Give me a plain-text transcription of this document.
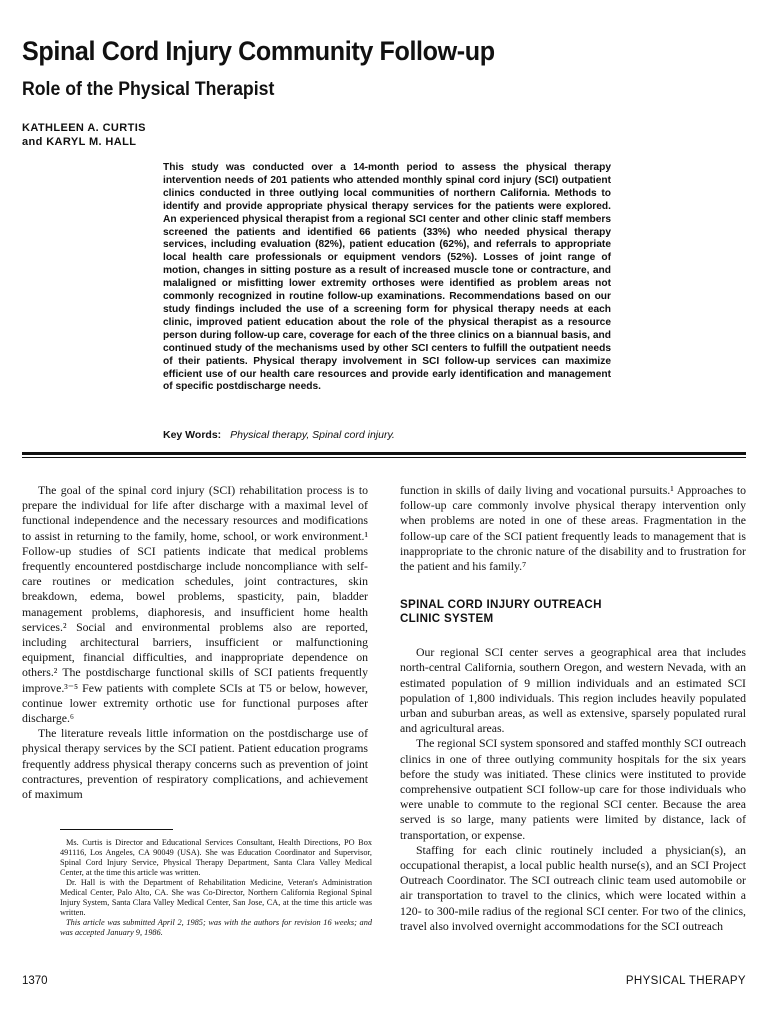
Spinal Cord Injury Community Follow-up
Role of the Physical Therapist
KATHLEEN A. CURTIS
and KARYL M. HALL

This study was conducted over a 14-month period to assess the physical therapy intervention needs of 201 patients who attended monthly spinal cord injury (SCI) outpatient clinics conducted in three outlying local communities of northern California. Methods to identify and provide appropriate physical therapy services for the patients were explored. An experienced physical therapist from a regional SCI center and other clinic staff members screened the patients and identified 66 patients (33%) who needed physical therapy services, including evaluation (82%), patient education (62%), and referrals to appropriate local health care professionals or equipment vendors (52%). Losses of joint range of motion, changes in sitting posture as a result of increased muscle tone or contracture, and malaligned or misfitting lower extremity orthoses were identified as problem areas not commonly recognized in routine follow-up examinations. Recommendations based on our study findings included the use of a screening form for physical therapy needs at each clinic, improved patient education about the role of the physical therapist as a resource person during follow-up care, coverage for each of the three clinics on a biannual basis, and continued study of the mechanisms used by other SCI centers to fulfill the outpatient needs of their patients. Physical therapy involvement in SCI follow-up services can maximize efficient use of our health care resources and provide early identification and management of specific postdischarge needs.

Key Words: Physical therapy, Spinal cord injury.

The goal of the spinal cord injury (SCI) rehabilitation process is to prepare the individual for life after discharge with a maximal level of functional independence and the necessary resources and modifications to assist in returning to the family, home, school, or work environment.¹ Follow-up studies of SCI patients indicate that medical problems frequently encountered postdischarge include noncompliance with self-care routines or medication schedules, joint contractures, skin breakdown, edema, bowel problems, spasticity, pain, bladder management problems, diaphoresis, and insufficient home health services.² Social and environmental problems also are reported, including architectural barriers, insufficient or malfunctioning equipment, financial difficulties, and inappropriate dependence on others.² The postdischarge functional skills of SCI patients frequently improve.³⁻⁵ Few patients with complete SCIs at T5 or below, however, continue lower extremity orthotic use for functional purposes after discharge.⁶

The literature reveals little information on the postdischarge use of physical therapy services by the SCI patient. Patient education programs frequently address physical therapy concerns such as prevention of joint contractures, prevention of respiratory complications, and achievement of maximum

function in skills of daily living and vocational pursuits.¹ Approaches to follow-up care commonly involve physical therapy intervention only when problems are noted in one of these areas. Fragmentation in the follow-up care of the SCI patient frequently leads to management that is inappropriate to the chronic nature of the disability and to frustration for the patient and his family.⁷

SPINAL CORD INJURY OUTREACH
CLINIC SYSTEM

Our regional SCI center serves a geographical area that includes north-central California, southern Oregon, and western Nevada, with an estimated population of 9 million individuals and an estimated SCI population of 1,800 individuals. This region includes heavily populated urban and suburban areas, as well as extensive, sparsely populated rural and agricultural areas.

The regional SCI system sponsored and staffed monthly SCI outreach clinics in one of three outlying community hospitals for the six years before the study was initiated. These clinics were instituted to provide comprehensive outpatient SCI follow-up care for those individuals who were unable to commute to the regional SCI center. Because the area served is so large, many patients were limited by distance, lack of transportation, or expense.

Staffing for each clinic routinely included a physician(s), an occupational therapist, a local public health nurse(s), and an SCI Project Outreach Coordinator. The SCI outreach clinic team used automobile or air transportation to travel to the clinics, which were located within a 120- to 300-mile radius of the regional SCI center. For two of the clinics, travel also involved overnight accommodations for the SCI outreach

Ms. Curtis is Director and Educational Services Consultant, Health Directions, PO Box 491116, Los Angeles, CA 90049 (USA). She was Education Coordinator and Supervisor, Spinal Cord Injury Service, Physical Therapy Department, Santa Clara Valley Medical Center, at the time this article was written.

Dr. Hall is with the Department of Rehabilitation Medicine, Veteran's Administration Medical Center, Palo Alto, CA. She was Co-Director, Northern California Regional Spinal Injury System, Santa Clara Valley Medical Center, San Jose, CA, at the time this article was written.

This article was submitted April 2, 1985; was with the authors for revision 16 weeks; and was accepted January 9, 1986.

1370	PHYSICAL THERAPY
